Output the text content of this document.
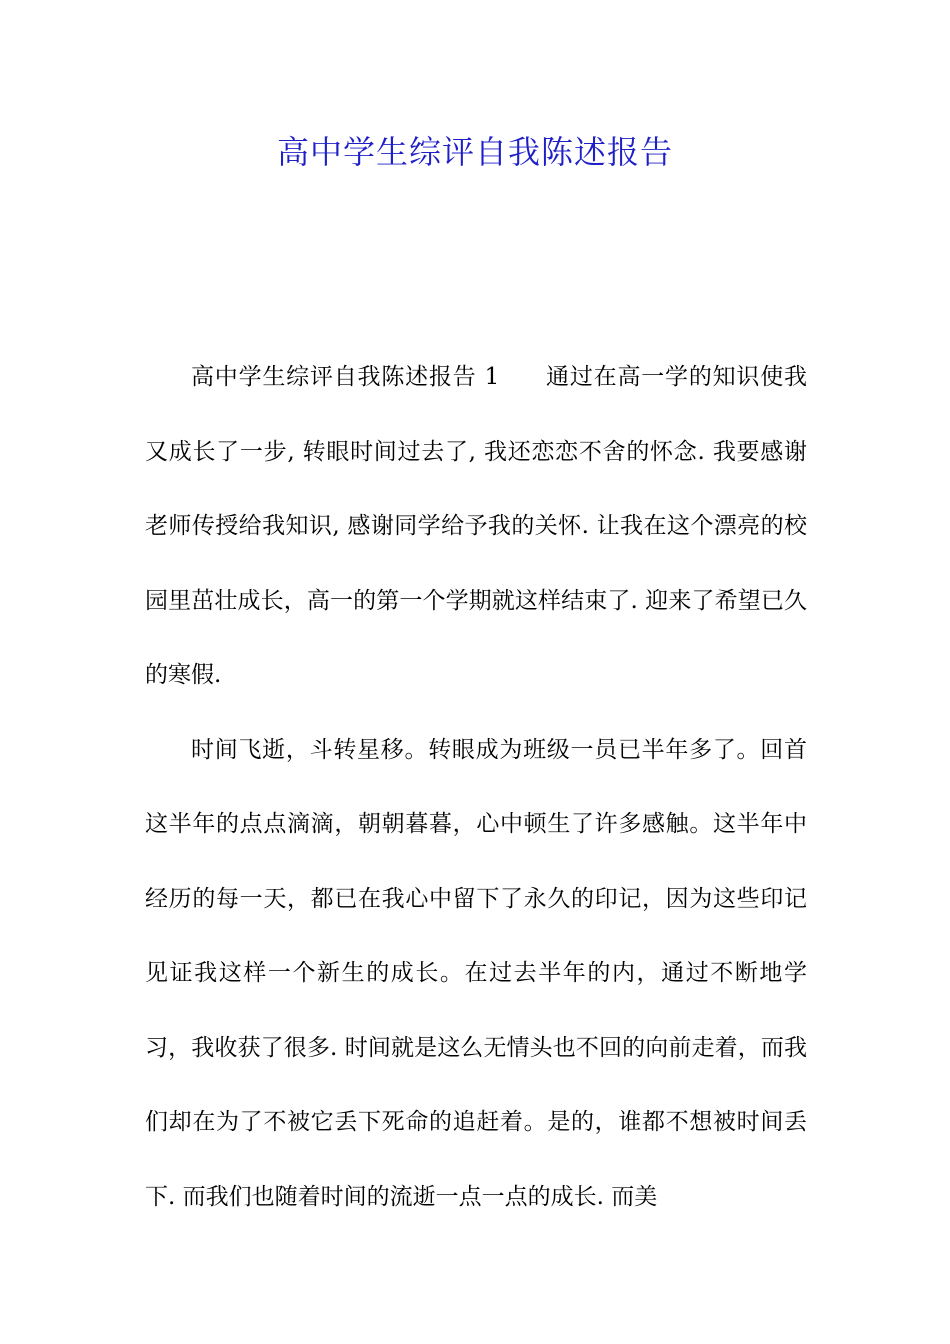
高中学生综评自我陈述报告

高中学生综评自我陈述报告 1 通过在高一学的知识使我又成长了一步, 转眼时间过去了, 我还恋恋不舍的怀念. 我要感谢老师传授给我知识, 感谢同学给予我的关怀. 让我在这个漂亮的校园里茁壮成长，高一的第一个学期就这样结束了. 迎来了希望已久的寒假.

时间飞逝，斗转星移。转眼成为班级一员已半年多了。回首这半年的点点滴滴，朝朝暮暮，心中顿生了许多感触。这半年中经历的每一天，都已在我心中留下了永久的印记，因为这些印记见证我这样一个新生的成长。在过去半年的内，通过不断地学习，我收获了很多. 时间就是这么无情头也不回的向前走着，而我们却在为了不被它丢下死命的追赶着。是的，谁都不想被时间丢下. 而我们也随着时间的流逝一点一点的成长. 而美
